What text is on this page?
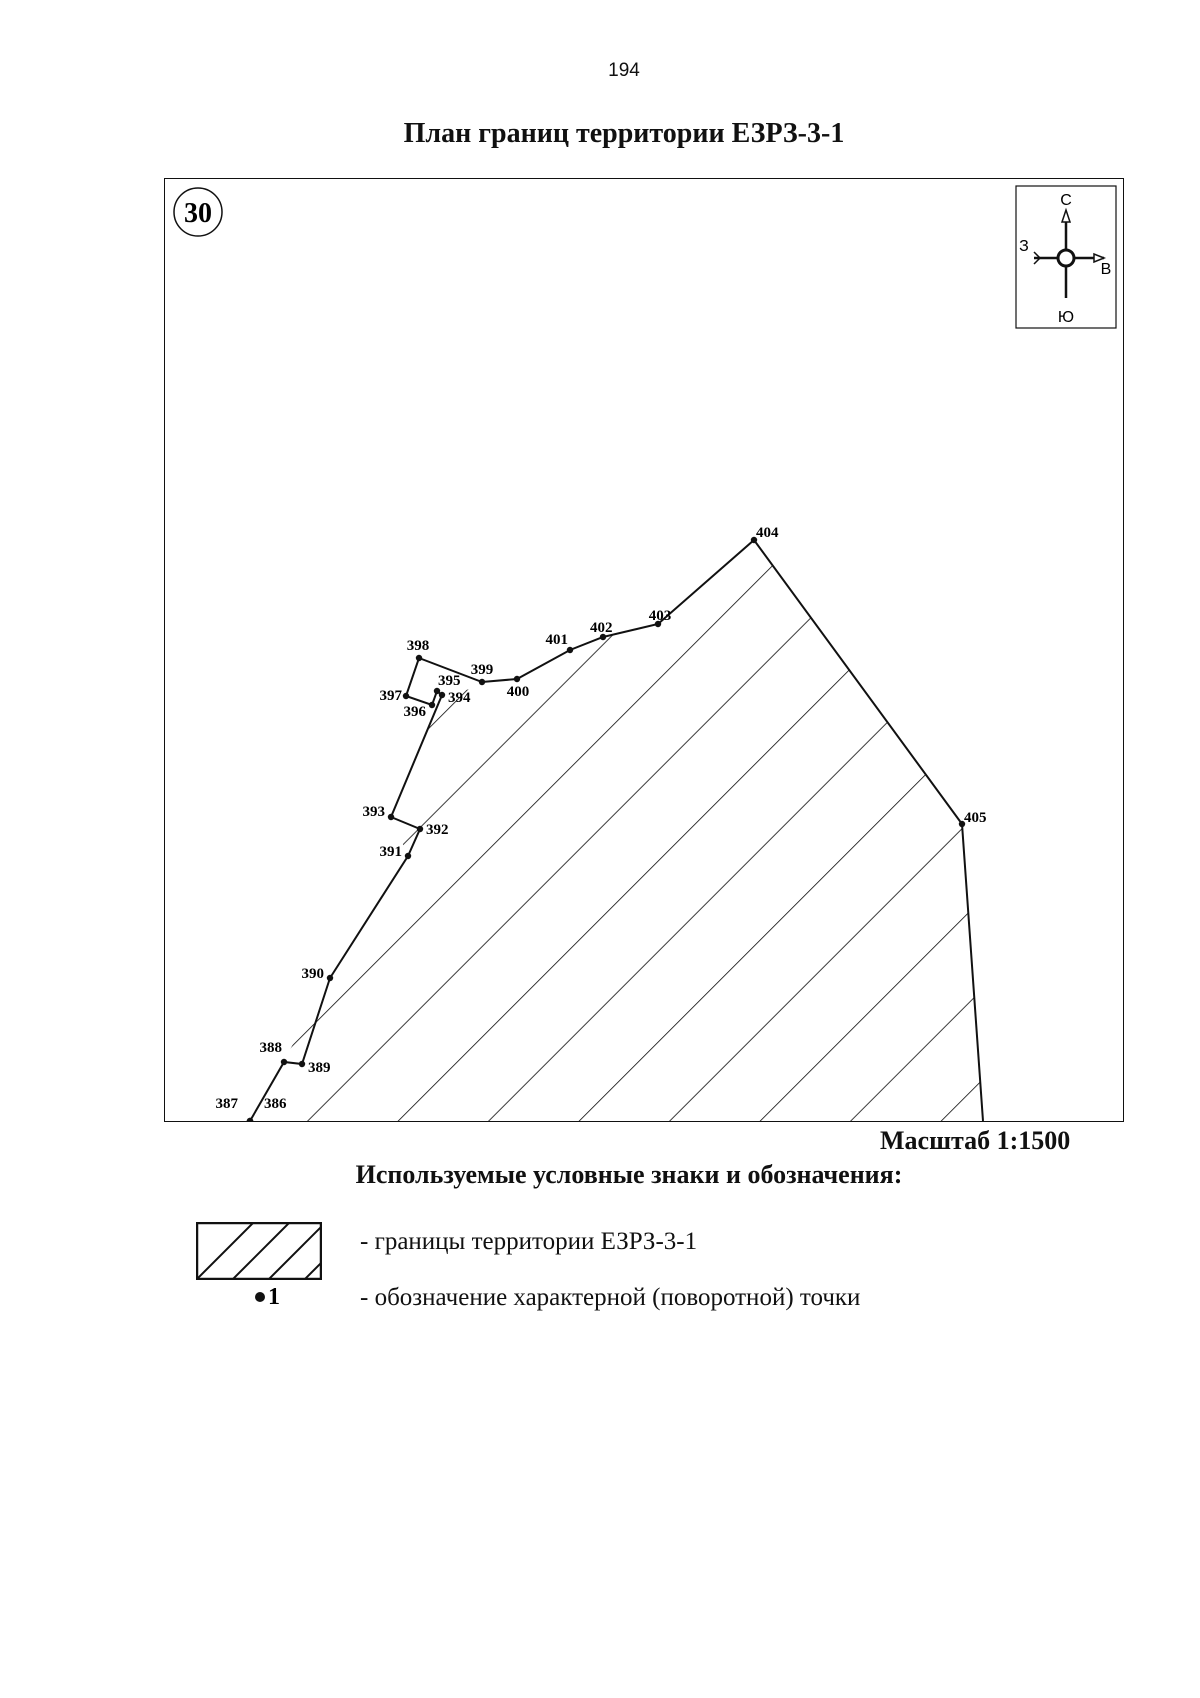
194
План границ территории ЕЗРЗ-3-1
30	С
Ю
З
В
386
387
388
389
390
391
392
393
394
395
396
397
398
399
400
401
402
403
404
405
Масштаб 1:1500
Используемые условные знаки и обозначения:
- границы территории ЕЗРЗ-3-1
1	- обозначение характерной (поворотной) точки
